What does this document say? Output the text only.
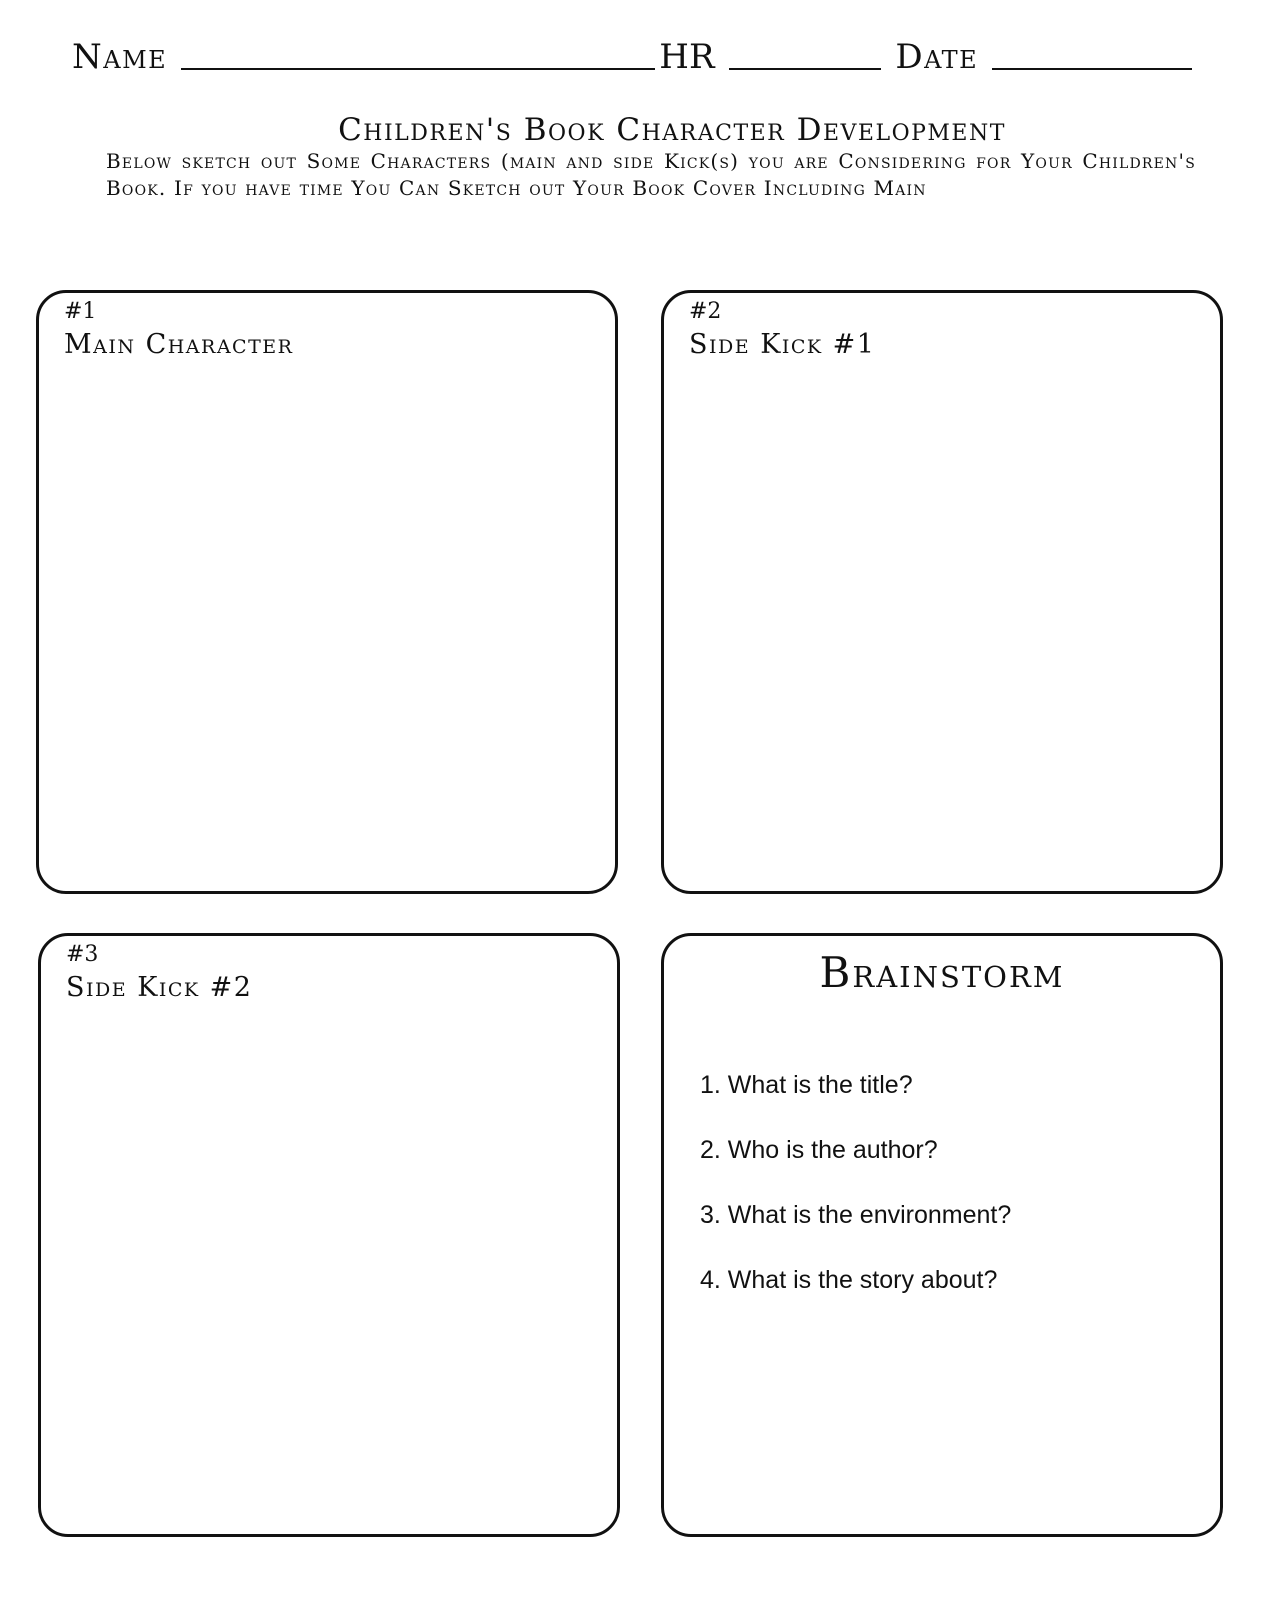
Name	HR	Date
Children's Book Character Development
Below sketch out Some Characters (main and side Kick(s) you are Considering for Your Children's Book. If you have time You Can Sketch out Your Book Cover Including Main
#1
Main Character
#2
Side Kick #1
#3
Side Kick #2	Brainstorm
1. What is the title?
2. Who is the author?
3. What is the environment?
4. What is the story about?
